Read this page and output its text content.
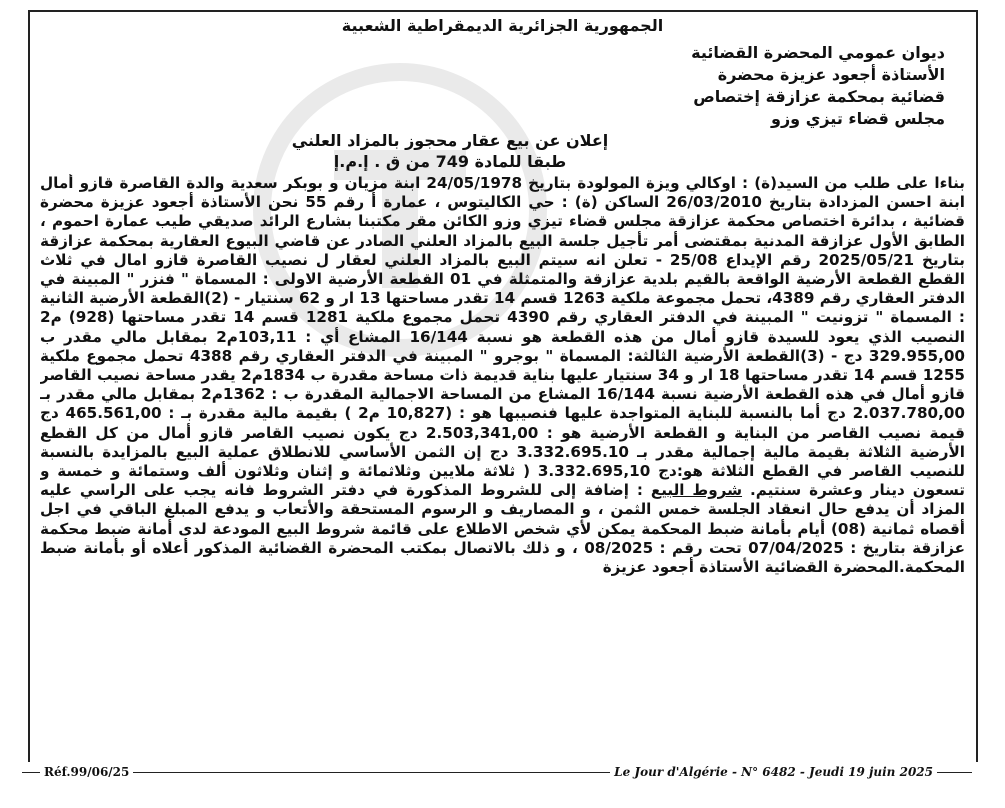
الجمهورية الجزائرية الديمقراطية الشعبية
ديوان عمومي المحضرة القضائية
الأستاذة أجعود عزيزة محضرة
قضائية بمحكمة عزازقة إختصاص
مجلس قضاء تيزي وزو
إعلان عن بيع عقار محجوز بالمزاد العلني
طبقا للمادة 749 من ق . إ.م.إ

بناءا على طلب من السيد(ة) : اوكالي ويزة المولودة بتاريخ 24/05/1978 ابنة مزيان و بوبكر سعدية والدة القاصرة قازو أمال ابنة احسن المزدادة بتاريخ 26/03/2010 الساكن (ة) : حي الكاليتوس ، عمارة أ رقم 55 نحن الأستاذة أجعود عزيزة محضرة قضائية ، بدائرة اختصاص محكمة عزازقة مجلس قضاء تيزي وزو الكائن مقر مكتبنا بشارع الرائد صديقي طيب عمارة احموم ، الطابق الأول عزازقة المدنية بمقتضى أمر تأجيل جلسة البيع بالمزاد العلني الصادر عن قاضي البيوع العقارية بمحكمة عزازقة بتاريخ 2025/05/21 رقم الإيداع 25/08 - تعلن انه سيتم البيع بالمزاد العلني لعقار ل نصيب القاصرة قازو امال في ثلاث القطع القطعة الأرضية الواقعة بالقيم بلدية عزازقة والمتمثلة في 01 القطعة الأرضية الاولى : المسماة " فنزر " المبينة في الدفتر العقاري رقم 4389، تحمل مجموعة ملكية 1263 قسم 14 تقدر مساحتها 13 ار و 62 سنتيار - (2)القطعة الأرضية الثانية : المسماة " تزونيت " المبينة في الدفتر العقاري رقم 4390 تحمل مجموع ملكية 1281 قسم 14 تقدر مساحتها (928) م2 النصيب الذي يعود للسيدة قازو أمال من هذه القطعة هو نسبة 16/144 المشاع أي : 103,11م2 بمقابل مالي مقدر ب 329.955,00 دج - (3)القطعة الأرضية الثالثة: المسماة " بوجرو " المبينة في الدفتر العقاري رقم 4388 تحمل مجموع ملكية 1255 قسم 14 تقدر مساحتها 18 ار و 34 سنتيار عليها بناية قديمة ذات مساحة مقدرة ب 1834م2 يقدر مساحة نصيب القاصر قازو أمال في هذه القطعة الأرضية نسبة 16/144 المشاع من المساحة الاجمالية المقدرة ب : 1362م2 بمقابل مالي مقدر بـ 2.037.780,00 دج أما بالنسبة للبناية المتواجدة عليها فنصيبها هو : (10,827 م2 ) بقيمة مالية مقدرة بـ : 465.561,00 دج قيمة نصيب القاصر من البناية و القطعة الأرضية هو : 2.503,341,00 دج يكون نصيب القاصر قازو أمال من كل القطع الأرضية الثلاثة بقيمة مالية إجمالية مقدر بـ 3.332.695.10 دج إن الثمن الأساسي للانطلاق عملية البيع بالمزايدة بالنسبة للنصيب القاصر في القطع الثلاثة هو:دج 3.332.695,10 ( ثلاثة ملايين وثلاثمائة و إثنان وثلاثون ألف وستمائة و خمسة و تسعون دينار وعشرة سنتيم. شروط البيع : إضافة إلى للشروط المذكورة في دفتر الشروط فانه يجب على الراسي عليه المزاد أن يدفع حال انعقاد الجلسة خمس الثمن ، و المصاريف و الرسوم المستحقة والأتعاب و يدفع المبلغ الباقي في اجل أقصاه ثمانية (08) أيام بأمانة ضبط المحكمة يمكن لأي شخص الاطلاع على قائمة شروط البيع المودعة لدى أمانة ضبط محكمة عزازقة بتاريخ : 07/04/2025 تحت رقم : 08/2025 ، و ذلك بالاتصال بمكتب المحضرة القضائية المذكور أعلاه أو بأمانة ضبط المحكمة.المحضرة القضائية الأستاذة أجعود عزيزة

Réf.99/06/25	Le Jour d'Algérie - N° 6482 - Jeudi 19 juin 2025
